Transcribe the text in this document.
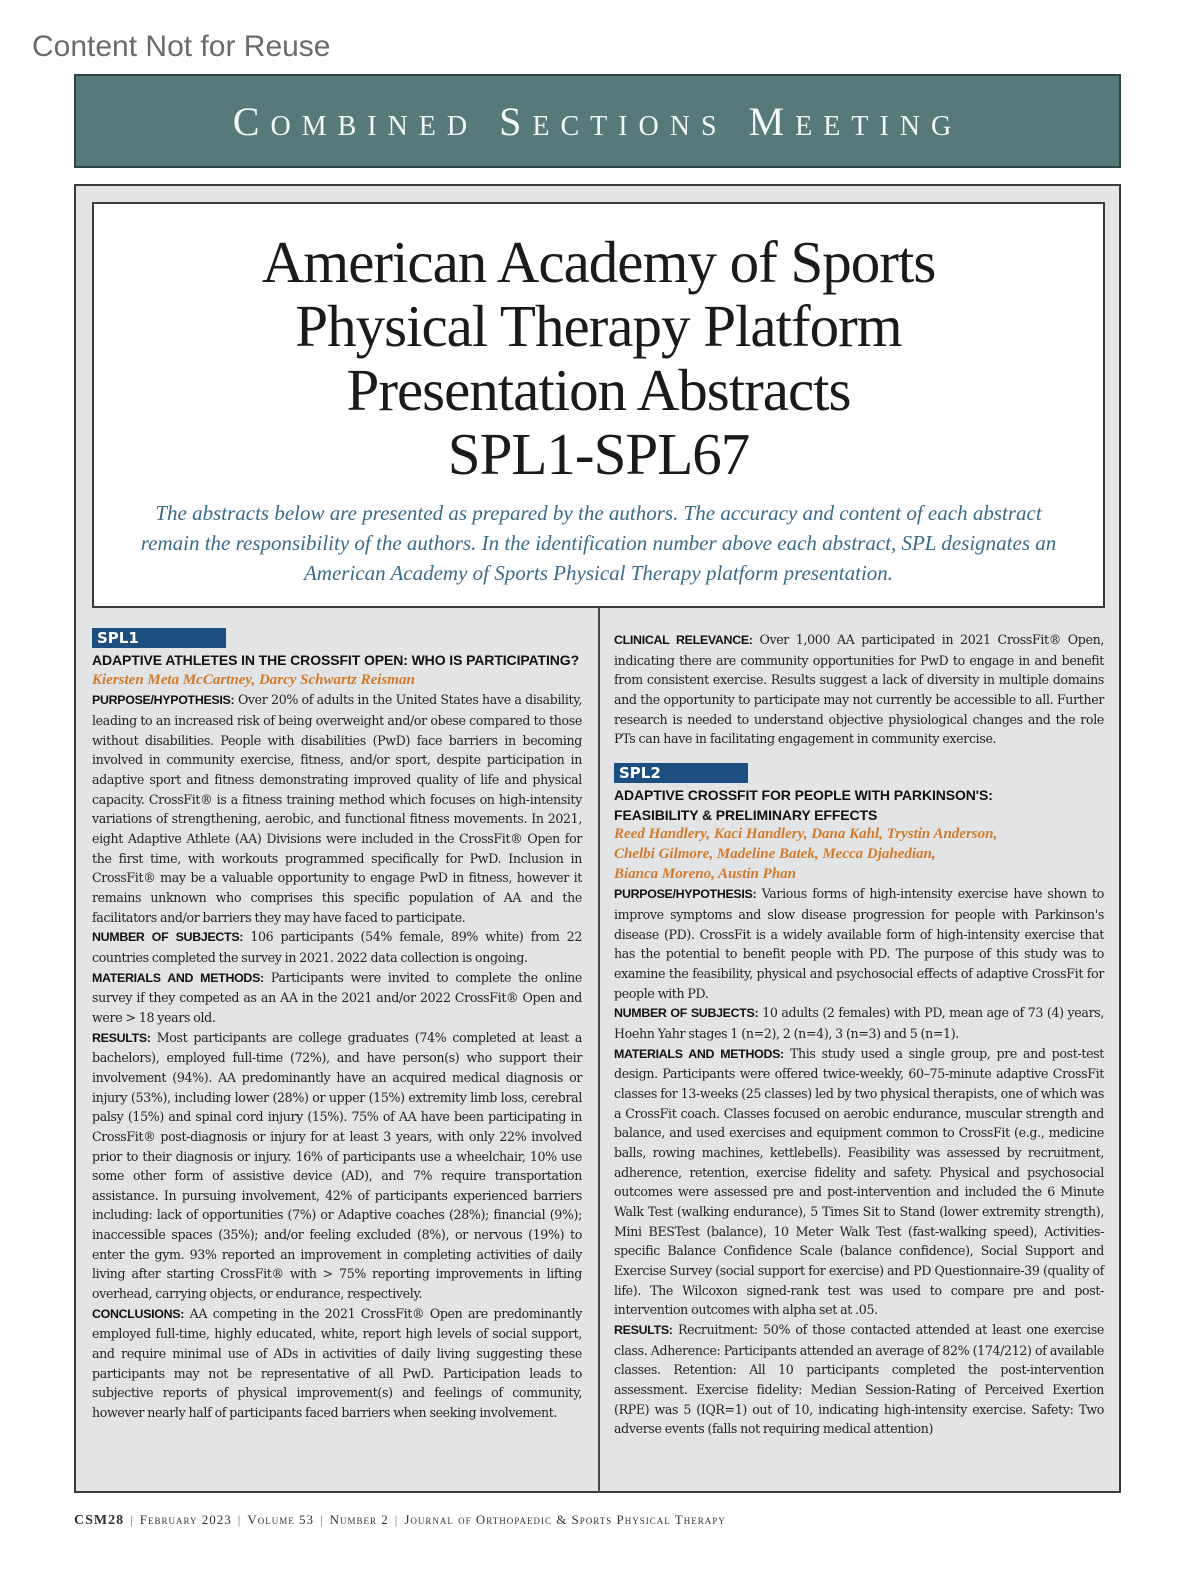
Content Not for Reuse
Combined Sections Meeting
American Academy of Sports
Physical Therapy Platform
Presentation Abstracts
SPL1-SPL67
The abstracts below are presented as prepared by the authors. The accuracy and content of each abstract remain the responsibility of the authors. In the identification number above each abstract, SPL designates an American Academy of Sports Physical Therapy platform presentation.
SPL1
ADAPTIVE ATHLETES IN THE CROSSFIT OPEN: WHO IS PARTICIPATING?
Kiersten Meta McCartney, Darcy Schwartz Reisman
PURPOSE/HYPOTHESIS: Over 20% of adults in the United States have a disability, leading to an increased risk of being overweight and/or obese compared to those without disabilities. People with disabilities (PwD) face barriers in becoming involved in community exercise, fitness, and/or sport, despite participation in adaptive sport and fitness demonstrating improved quality of life and physical capacity. CrossFit® is a fitness training method which focuses on high-intensity variations of strengthening, aerobic, and functional fitness movements. In 2021, eight Adaptive Athlete (AA) Divisions were included in the CrossFit® Open for the first time, with workouts programmed specifically for PwD. Inclusion in CrossFit® may be a valuable opportunity to engage PwD in fitness, however it remains unknown who comprises this specific population of AA and the facilitators and/or barriers they may have faced to participate.
NUMBER OF SUBJECTS: 106 participants (54% female, 89% white) from 22 countries completed the survey in 2021. 2022 data collection is ongoing.
MATERIALS AND METHODS: Participants were invited to complete the online survey if they competed as an AA in the 2021 and/or 2022 CrossFit® Open and were > 18 years old.
RESULTS: Most participants are college graduates (74% completed at least a bachelors), employed full-time (72%), and have person(s) who support their involvement (94%). AA predominantly have an acquired medical diagnosis or injury (53%), including lower (28%) or upper (15%) extremity limb loss, cerebral palsy (15%) and spinal cord injury (15%). 75% of AA have been participating in CrossFit® post-diagnosis or injury for at least 3 years, with only 22% involved prior to their diagnosis or injury. 16% of participants use a wheelchair, 10% use some other form of assistive device (AD), and 7% require transportation assistance. In pursuing involvement, 42% of participants experienced barriers including: lack of opportunities (7%) or Adaptive coaches (28%); financial (9%); inaccessible spaces (35%); and/or feeling excluded (8%), or nervous (19%) to enter the gym. 93% reported an improvement in completing activities of daily living after starting CrossFit® with > 75% reporting improvements in lifting overhead, carrying objects, or endurance, respectively.
CONCLUSIONS: AA competing in the 2021 CrossFit® Open are predominantly employed full-time, highly educated, white, report high levels of social support, and require minimal use of ADs in activities of daily living suggesting these participants may not be representative of all PwD. Participation leads to subjective reports of physical improvement(s) and feelings of community, however nearly half of participants faced barriers when seeking involvement.
CLINICAL RELEVANCE: Over 1,000 AA participated in 2021 CrossFit® Open, indicating there are community opportunities for PwD to engage in and benefit from consistent exercise. Results suggest a lack of diversity in multiple domains and the opportunity to participate may not currently be accessible to all. Further research is needed to understand objective physiological changes and the role PTs can have in facilitating engagement in community exercise.
SPL2
ADAPTIVE CROSSFIT FOR PEOPLE WITH PARKINSON'S:
FEASIBILITY & PRELIMINARY EFFECTS
Reed Handlery, Kaci Handlery, Dana Kahl, Trystin Anderson,
Chelbi Gilmore, Madeline Batek, Mecca Djahedian,
Bianca Moreno, Austin Phan
PURPOSE/HYPOTHESIS: Various forms of high-intensity exercise have shown to improve symptoms and slow disease progression for people with Parkinson's disease (PD). CrossFit is a widely available form of high-intensity exercise that has the potential to benefit people with PD. The purpose of this study was to examine the feasibility, physical and psychosocial effects of adaptive CrossFit for people with PD.
NUMBER OF SUBJECTS: 10 adults (2 females) with PD, mean age of 73 (4) years, Hoehn Yahr stages 1 (n=2), 2 (n=4), 3 (n=3) and 5 (n=1).
MATERIALS AND METHODS: This study used a single group, pre and post-test design. Participants were offered twice-weekly, 60–75-minute adaptive CrossFit classes for 13-weeks (25 classes) led by two physical therapists, one of which was a CrossFit coach. Classes focused on aerobic endurance, muscular strength and balance, and used exercises and equipment common to CrossFit (e.g., medicine balls, rowing machines, kettlebells). Feasibility was assessed by recruitment, adherence, retention, exercise fidelity and safety. Physical and psychosocial outcomes were assessed pre and post-intervention and included the 6 Minute Walk Test (walking endurance), 5 Times Sit to Stand (lower extremity strength), Mini BESTest (balance), 10 Meter Walk Test (fast-walking speed), Activities-specific Balance Confidence Scale (balance confidence), Social Support and Exercise Survey (social support for exercise) and PD Questionnaire-39 (quality of life). The Wilcoxon signed-rank test was used to compare pre and post-intervention outcomes with alpha set at .05.
RESULTS: Recruitment: 50% of those contacted attended at least one exercise class. Adherence: Participants attended an average of 82% (174/212) of available classes. Retention: All 10 participants completed the post-intervention assessment. Exercise fidelity: Median Session-Rating of Perceived Exertion (RPE) was 5 (IQR=1) out of 10, indicating high-intensity exercise. Safety: Two adverse events (falls not requiring medical attention)
CSM28 | February 2023 | Volume 53 | Number 2 | Journal of Orthopaedic & Sports Physical Therapy
